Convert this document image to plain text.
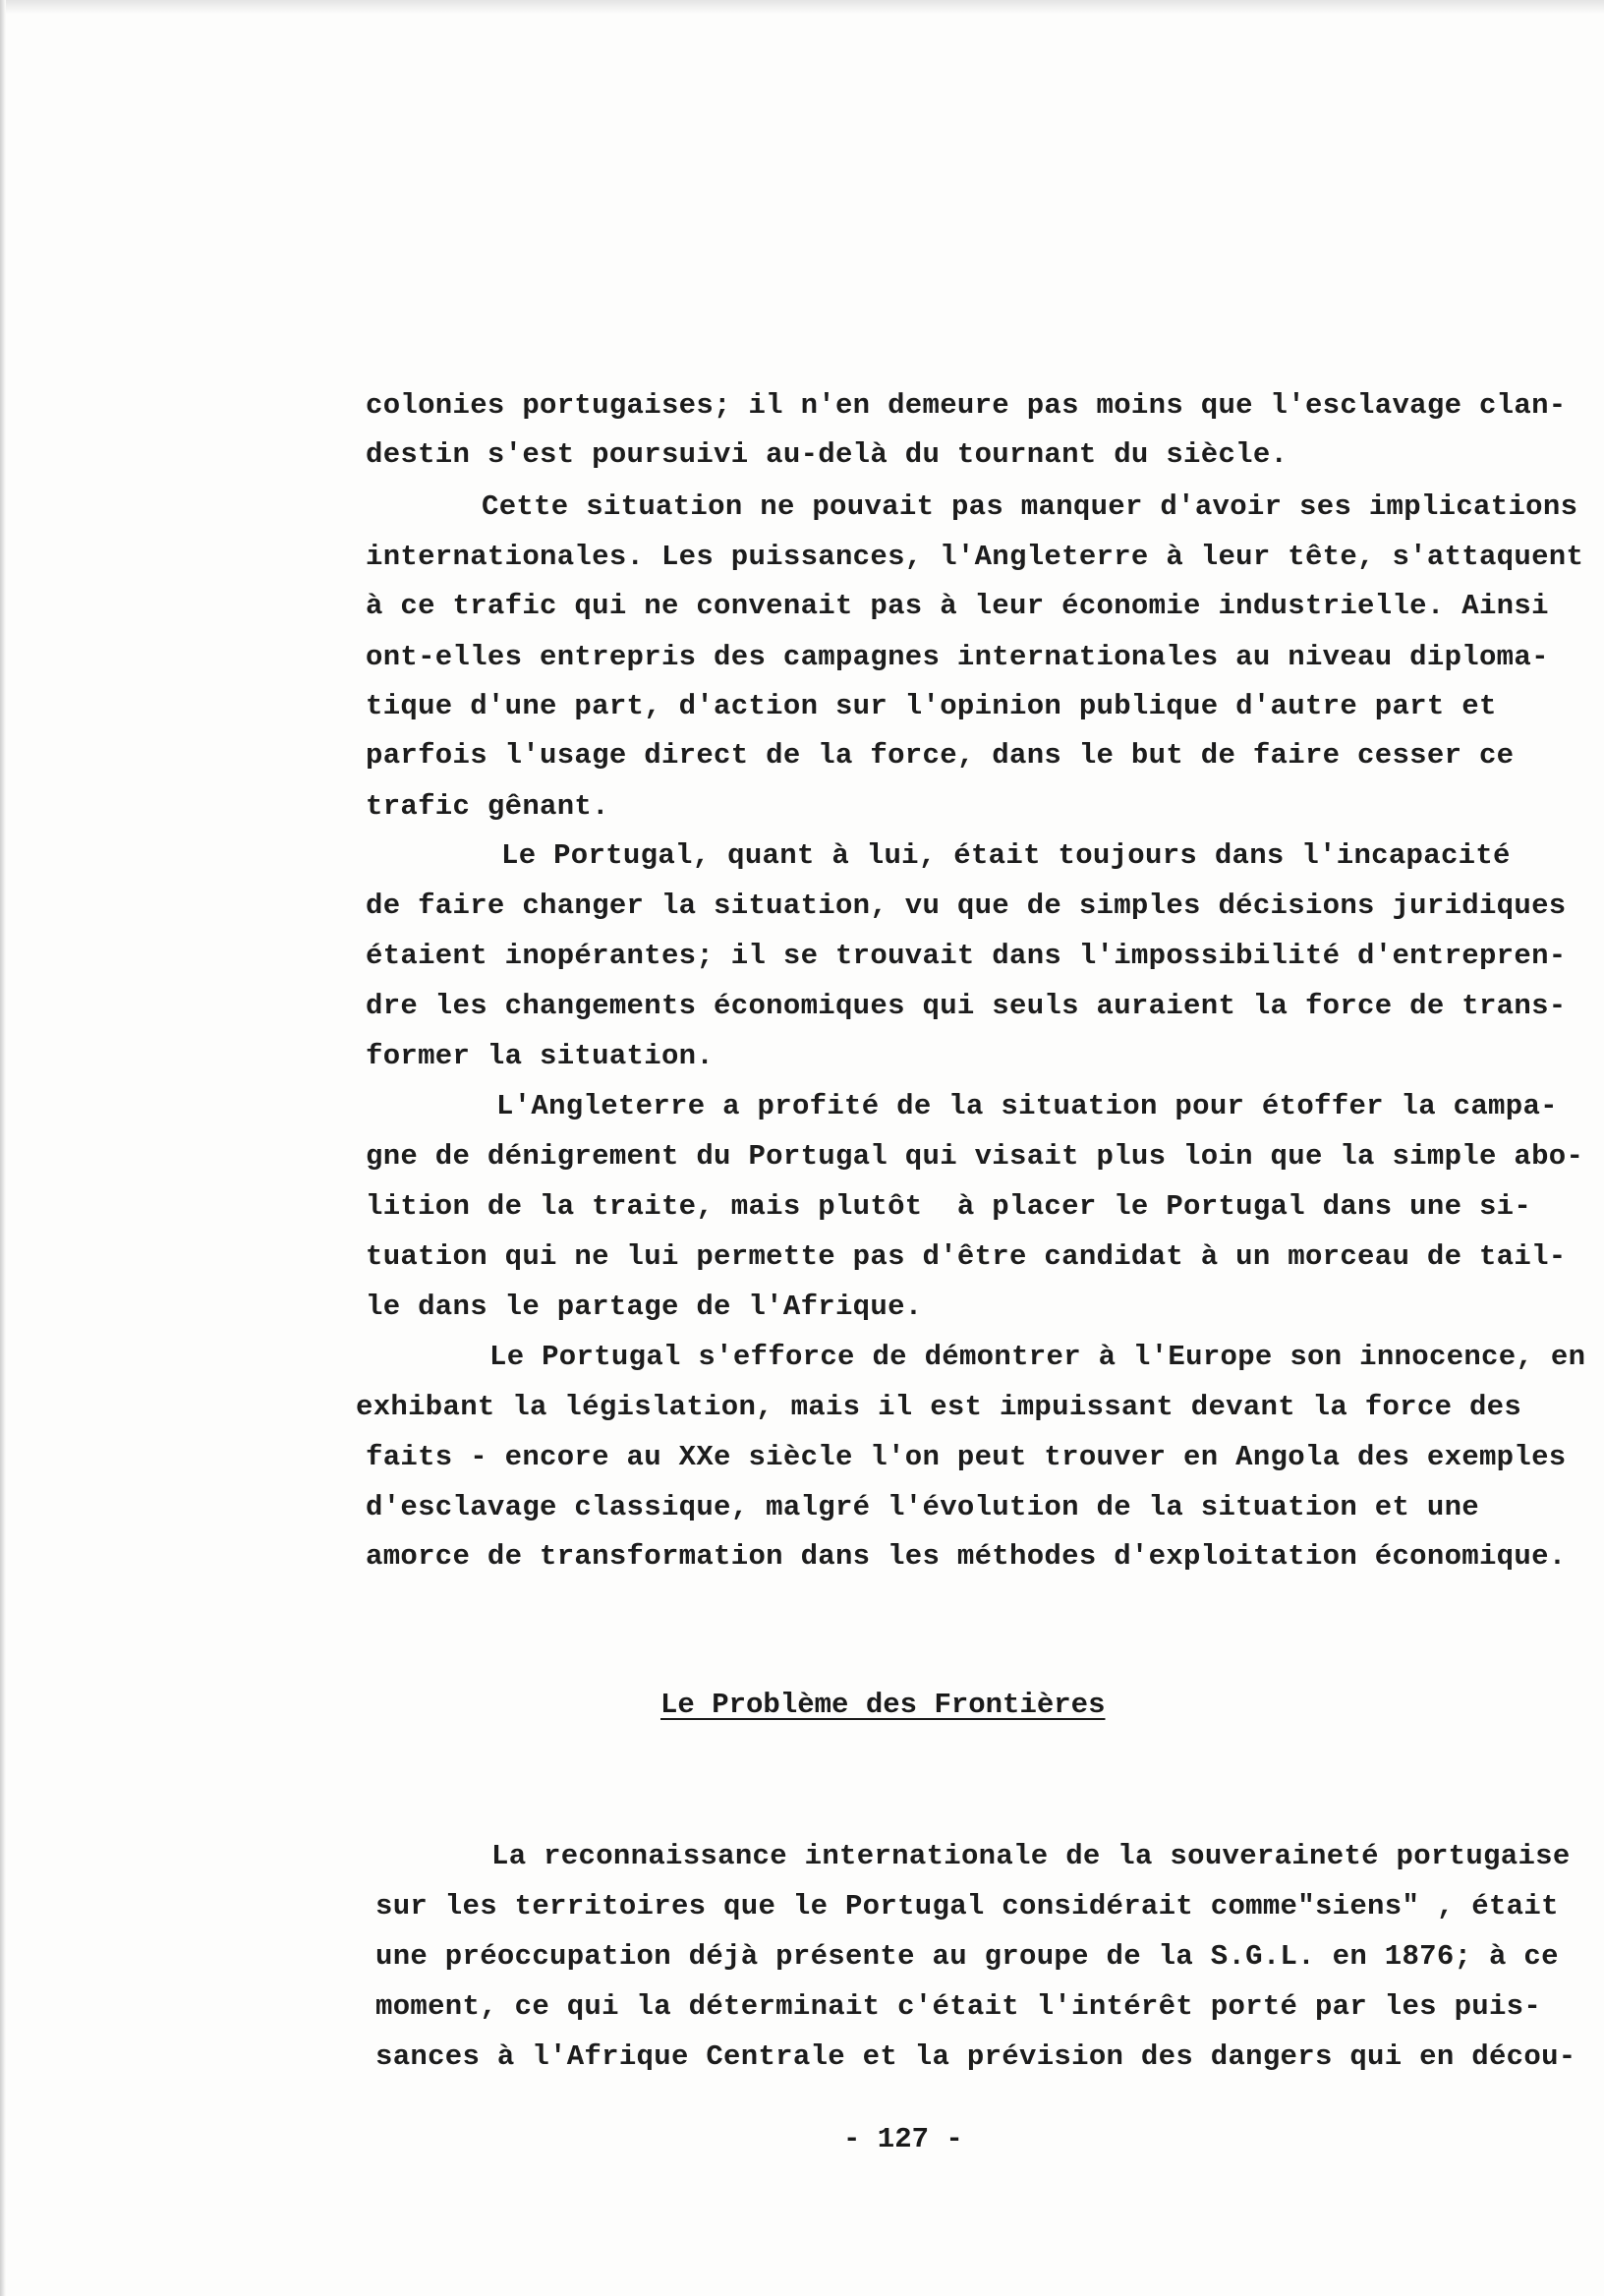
colonies portugaises; il n'en demeure pas moins que l'esclavage clan-
destin s'est poursuivi au-delà du tournant du siècle.
Cette situation ne pouvait pas manquer d'avoir ses implications
internationales. Les puissances, l'Angleterre à leur tête, s'attaquent
à ce trafic qui ne convenait pas à leur économie industrielle. Ainsi
ont-elles entrepris des campagnes internationales au niveau diploma-
tique d'une part, d'action sur l'opinion publique d'autre part et
parfois l'usage direct de la force, dans le but de faire cesser ce
trafic gênant.
Le Portugal, quant à lui, était toujours dans l'incapacité
de faire changer la situation, vu que de simples décisions juridiques
étaient inopérantes; il se trouvait dans l'impossibilité d'entrepren-
dre les changements économiques qui seuls auraient la force de trans-
former la situation.
L'Angleterre a profité de la situation pour étoffer la campa-
gne de dénigrement du Portugal qui visait plus loin que la simple abo-
lition de la traite, mais plutôt  à placer le Portugal dans une si-
tuation qui ne lui permette pas d'être candidat à un morceau de tail-
le dans le partage de l'Afrique.
Le Portugal s'efforce de démontrer à l'Europe son innocence, en
exhibant la législation, mais il est impuissant devant la force des
faits - encore au XXe siècle l'on peut trouver en Angola des exemples
d'esclavage classique, malgré l'évolution de la situation et une
amorce de transformation dans les méthodes d'exploitation économique.
Le Problème des Frontières
La reconnaissance internationale de la souveraineté portugaise
sur les territoires que le Portugal considérait comme"siens" , était
une préoccupation déjà présente au groupe de la S.G.L. en 1876; à ce
moment, ce qui la déterminait c'était l'intérêt porté par les puis-
sances à l'Afrique Centrale et la prévision des dangers qui en décou-
- 127 -
